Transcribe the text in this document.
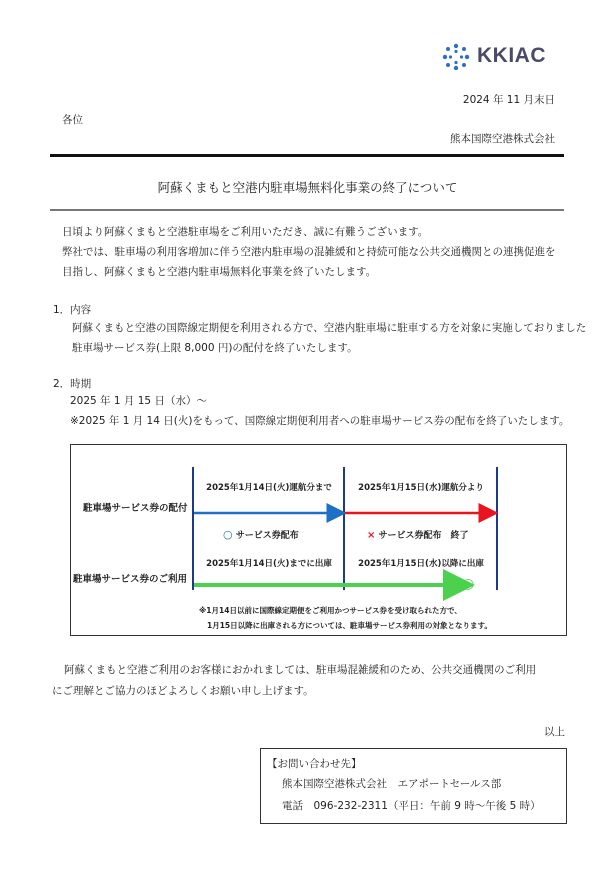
KKIAC
2024 年 11 月末日
各位
熊本国際空港株式会社
阿蘇くまもと空港内駐車場無料化事業の終了について
日頃より阿蘇くまもと空港駐車場をご利用いただき、誠に有難うございます。
弊社では、駐車場の利用客増加に伴う空港内駐車場の混雑緩和と持続可能な公共交通機関との連携促進を
目指し、阿蘇くまもと空港内駐車場無料化事業を終了いたします。
1．内容
阿蘇くまもと空港の国際線定期便を利用される方で、空港内駐車場に駐車する方を対象に実施しておりました
駐車場サービス券(上限 8,000 円)の配付を終了いたします。
2．時期
2025 年 1 月 15 日（水）～
※2025 年 1 月 14 日(火)をもって、国際線定期便利用者への駐車場サービス券の配布を終了いたします。
駐車場サービス券の配付
2025年1月14日(火)運航分まで	2025年1月15日(水)運航分より
○ サービス券配布	× サービス券配布　終了
駐車場サービス券のご利用
2025年1月14日(火)までに出庫	2025年1月15日(水)以降に出庫
○
※1月14日以前に国際線定期便をご利用かつサービス券を受け取られた方で、
1月15日以降に出庫される方については、駐車場サービス券利用の対象となります。
阿蘇くまもと空港ご利用のお客様におかれましては、駐車場混雑緩和のため、公共交通機関のご利用
にご理解とご協力のほどよろしくお願い申し上げます。
以上
【お問い合わせ先】
熊本国際空港株式会社　エアポートセールス部
電話　096-232-2311（平日：午前 9 時～午後 5 時）
